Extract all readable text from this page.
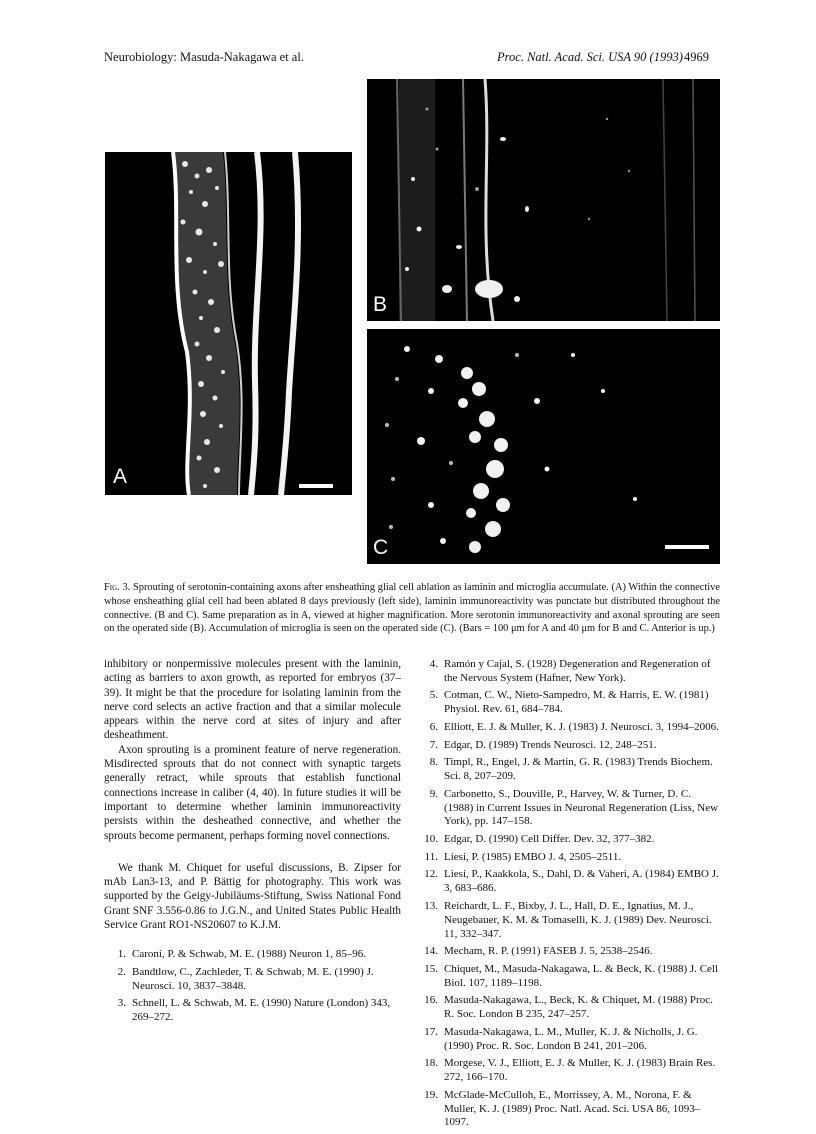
Neurobiology: Masuda-Nakagawa et al.	Proc. Natl. Acad. Sci. USA 90 (1993) 4969
A
B
C

Fig. 3. Sprouting of serotonin-containing axons after ensheathing glial cell ablation as laminin and microglia accumulate. (A) Within the connective whose ensheathing glial cell had been ablated 8 days previously (left side), laminin immunoreactivity was punctate but distributed throughout the connective. (B and C). Same preparation as in A, viewed at higher magnification. More serotonin immunoreactivity and axonal sprouting are seen on the operated side (B). Accumulation of microglia is seen on the operated side (C). (Bars = 100 μm for A and 40 μm for B and C. Anterior is up.)

inhibitory or nonpermissive molecules present with the laminin, acting as barriers to axon growth, as reported for embryos (37–39). It might be that the procedure for isolating laminin from the nerve cord selects an active fraction and that a similar molecule appears within the nerve cord at sites of injury and after desheathment.

Axon sprouting is a prominent feature of nerve regeneration. Misdirected sprouts that do not connect with synaptic targets generally retract, while sprouts that establish functional connections increase in caliber (4, 40). In future studies it will be important to determine whether laminin immunoreactivity persists within the desheathed connective, and whether the sprouts become permanent, perhaps forming novel connections.

We thank M. Chiquet for useful discussions, B. Zipser for mAb Lan3-13, and P. Bättig for photography. This work was supported by the Geigy-Jubiläums-Stiftung, Swiss National Fond Grant SNF 3.556-0.86 to J.G.N., and United States Public Health Service Grant RO1-NS20607 to K.J.M.

1. Caroni, P. & Schwab, M. E. (1988) Neuron 1, 85–96.
2. Bandtlow, C., Zachleder, T. & Schwab, M. E. (1990) J. Neurosci. 10, 3837–3848.
3. Schnell, L. & Schwab, M. E. (1990) Nature (London) 343, 269–272.
4. Ramón y Cajal, S. (1928) Degeneration and Regeneration of the Nervous System (Hafner, New York).
5. Cotman, C. W., Nieto-Sampedro, M. & Harris, E. W. (1981) Physiol. Rev. 61, 684–784.
6. Elliott, E. J. & Muller, K. J. (1983) J. Neurosci. 3, 1994–2006.
7. Edgar, D. (1989) Trends Neurosci. 12, 248–251.
8. Timpl, R., Engel, J. & Martin, G. R. (1983) Trends Biochem. Sci. 8, 207–209.
9. Carbonetto, S., Douville, P., Harvey, W. & Turner, D. C. (1988) in Current Issues in Neuronal Regeneration (Liss, New York), pp. 147–158.
10. Edgar, D. (1990) Cell Differ. Dev. 32, 377–382.
11. Liesi, P. (1985) EMBO J. 4, 2505–2511.
12. Liesi, P., Kaakkola, S., Dahl, D. & Vaheri, A. (1984) EMBO J. 3, 683–686.
13. Reichardt, L. F., Bixby, J. L., Hall, D. E., Ignatius, M. J., Neugebauer, K. M. & Tomaselli, K. J. (1989) Dev. Neurosci. 11, 332–347.
14. Mecham, R. P. (1991) FASEB J. 5, 2538–2546.
15. Chiquet, M., Masuda-Nakagawa, L. & Beck, K. (1988) J. Cell Biol. 107, 1189–1198.
16. Masuda-Nakagawa, L., Beck, K. & Chiquet, M. (1988) Proc. R. Soc. London B 235, 247–257.
17. Masuda-Nakagawa, L. M., Muller, K. J. & Nicholls, J. G. (1990) Proc. R. Soc. London B 241, 201–206.
18. Morgese, V. J., Elliott, E. J. & Muller, K. J. (1983) Brain Res. 272, 166–170.
19. McGlade-McCulloh, E., Morrissey, A. M., Norona, F. & Muller, K. J. (1989) Proc. Natl. Acad. Sci. USA 86, 1093–1097.
